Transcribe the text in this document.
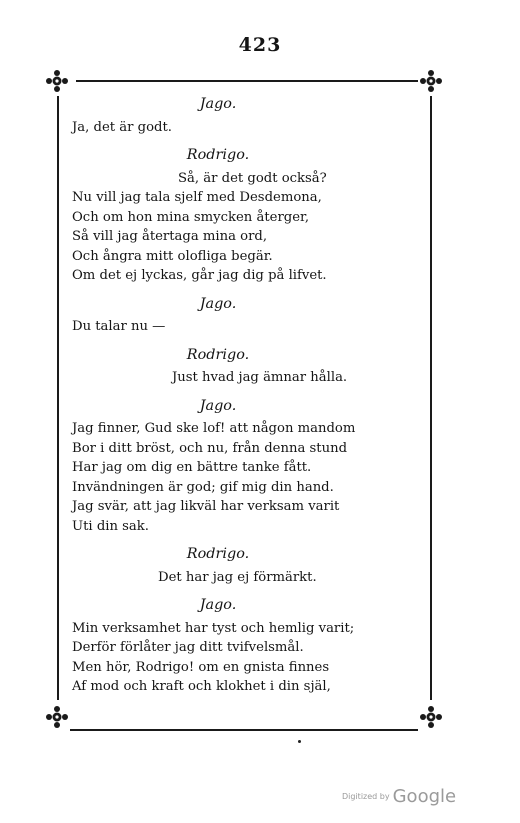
423
Jago.
Ja, det är godt.
Rodrigo.
Så, är det godt också?
Nu vill jag tala sjelf med Desdemona,
Och om hon mina smycken återger,
Så vill jag återtaga mina ord,
Och ångra mitt olofliga begär.
Om det ej lyckas, går jag dig på lifvet.
Jago.
Du talar nu —
Rodrigo.
Just hvad jag ämnar hålla.
Jago.
Jag finner, Gud ske lof! att någon mandom
Bor i ditt bröst, och nu, från denna stund
Har jag om dig en bättre tanke fått.
Invändningen är god; gif mig din hand.
Jag svär, att jag likväl har verksam varit
Uti din sak.
Rodrigo.
Det har jag ej förmärkt.
Jago.
Min verksamhet har tyst och hemlig varit;
Derför förlåter jag ditt tvifvelsmål.
Men hör, Rodrigo! om en gnista finnes
Af mod och kraft och klokhet i din själ,
Digitized by Google
